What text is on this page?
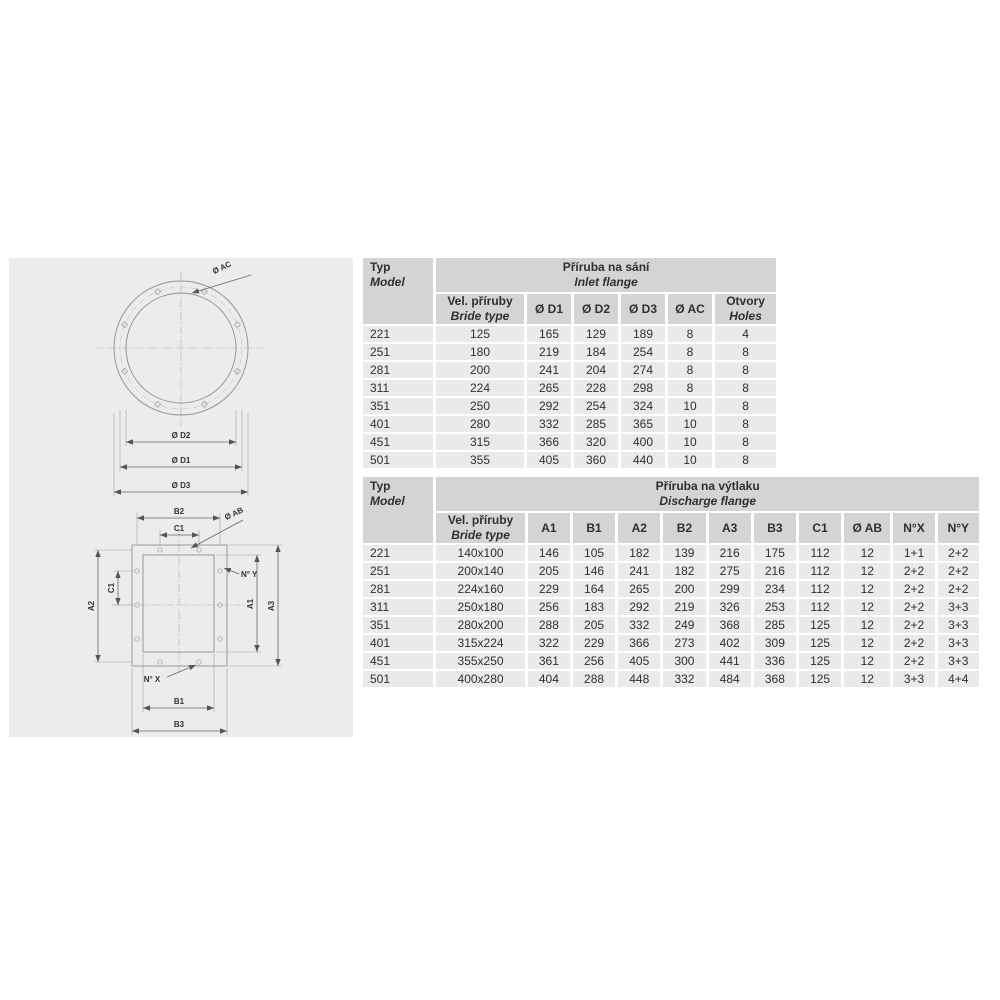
Ø AC
Ø D2
Ø D1
Ø D3
B2
C1
Ø AB
N° Y
A2
C1
A1 A3
N° X
B1
B3
Typ
Model	Příruba na sání
Inlet flange					

	Vel. příruby
Bride type	Ø D1	Ø D2	Ø D3	Ø AC	Otvory
Holes

221	125	165	129	189	8	4
251	180	219	184	254	8	8
281	200	241	204	274	8	8
311	224	265	228	298	8	8
351	250	292	254	324	10	8
401	280	332	285	365	10	8
451	315	366	320	400	10	8
501	355	405	360	440	10	8
Typ
Model	Příruba na výtlaku
Discharge flange										

	Vel. příruby
Bride type	A1	B1	A2	B2	A3	B3	C1	Ø AB	N°X	N°Y
221	140x100	146	105	182	139	216	175	112	12	1+1	2+2
251	200x140	205	146	241	182	275	216	112	12	2+2	2+2
281	224x160	229	164	265	200	299	234	112	12	2+2	2+2
311	250x180	256	183	292	219	326	253	112	12	2+2	3+3
351	280x200	288	205	332	249	368	285	125	12	2+2	3+3
401	315x224	322	229	366	273	402	309	125	12	2+2	3+3
451	355x250	361	256	405	300	441	336	125	12	2+2	3+3
501	400x280	404	288	448	332	484	368	125	12	3+3	4+4
